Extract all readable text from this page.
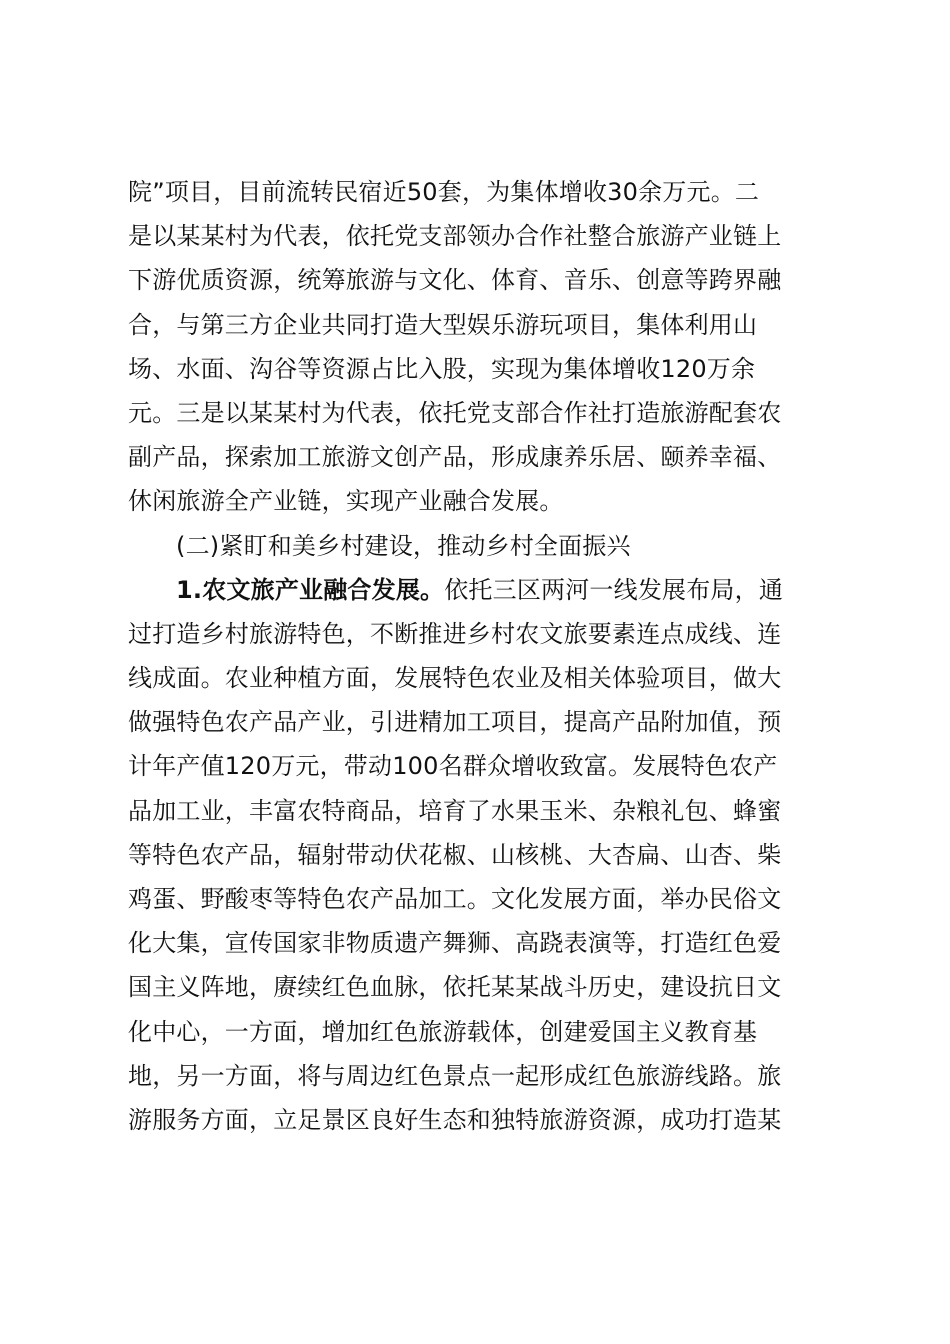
院”项目，目前流转民宿近50套，为集体增收30余万元。二
是以某某村为代表，依托党支部领办合作社整合旅游产业链上
下游优质资源，统筹旅游与文化、体育、音乐、创意等跨界融
合，与第三方企业共同打造大型娱乐游玩项目，集体利用山
场、水面、沟谷等资源占比入股，实现为集体增收120万余
元。三是以某某村为代表，依托党支部合作社打造旅游配套农
副产品，探索加工旅游文创产品，形成康养乐居、颐养幸福、
休闲旅游全产业链，实现产业融合发展。
(二)紧盯和美乡村建设，推动乡村全面振兴
1.农文旅产业融合发展。依托三区两河一线发展布局，通
过打造乡村旅游特色，不断推进乡村农文旅要素连点成线、连
线成面。农业种植方面，发展特色农业及相关体验项目，做大
做强特色农产品产业，引进精加工项目，提高产品附加值，预
计年产值120万元，带动100名群众增收致富。发展特色农产
品加工业，丰富农特商品，培育了水果玉米、杂粮礼包、蜂蜜
等特色农产品，辐射带动伏花椒、山核桃、大杏扁、山杏、柴
鸡蛋、野酸枣等特色农产品加工。文化发展方面，举办民俗文
化大集，宣传国家非物质遗产舞狮、高跷表演等，打造红色爱
国主义阵地，赓续红色血脉，依托某某战斗历史，建设抗日文
化中心，一方面，增加红色旅游载体，创建爱国主义教育基
地，另一方面，将与周边红色景点一起形成红色旅游线路。旅
游服务方面，立足景区良好生态和独特旅游资源，成功打造某
